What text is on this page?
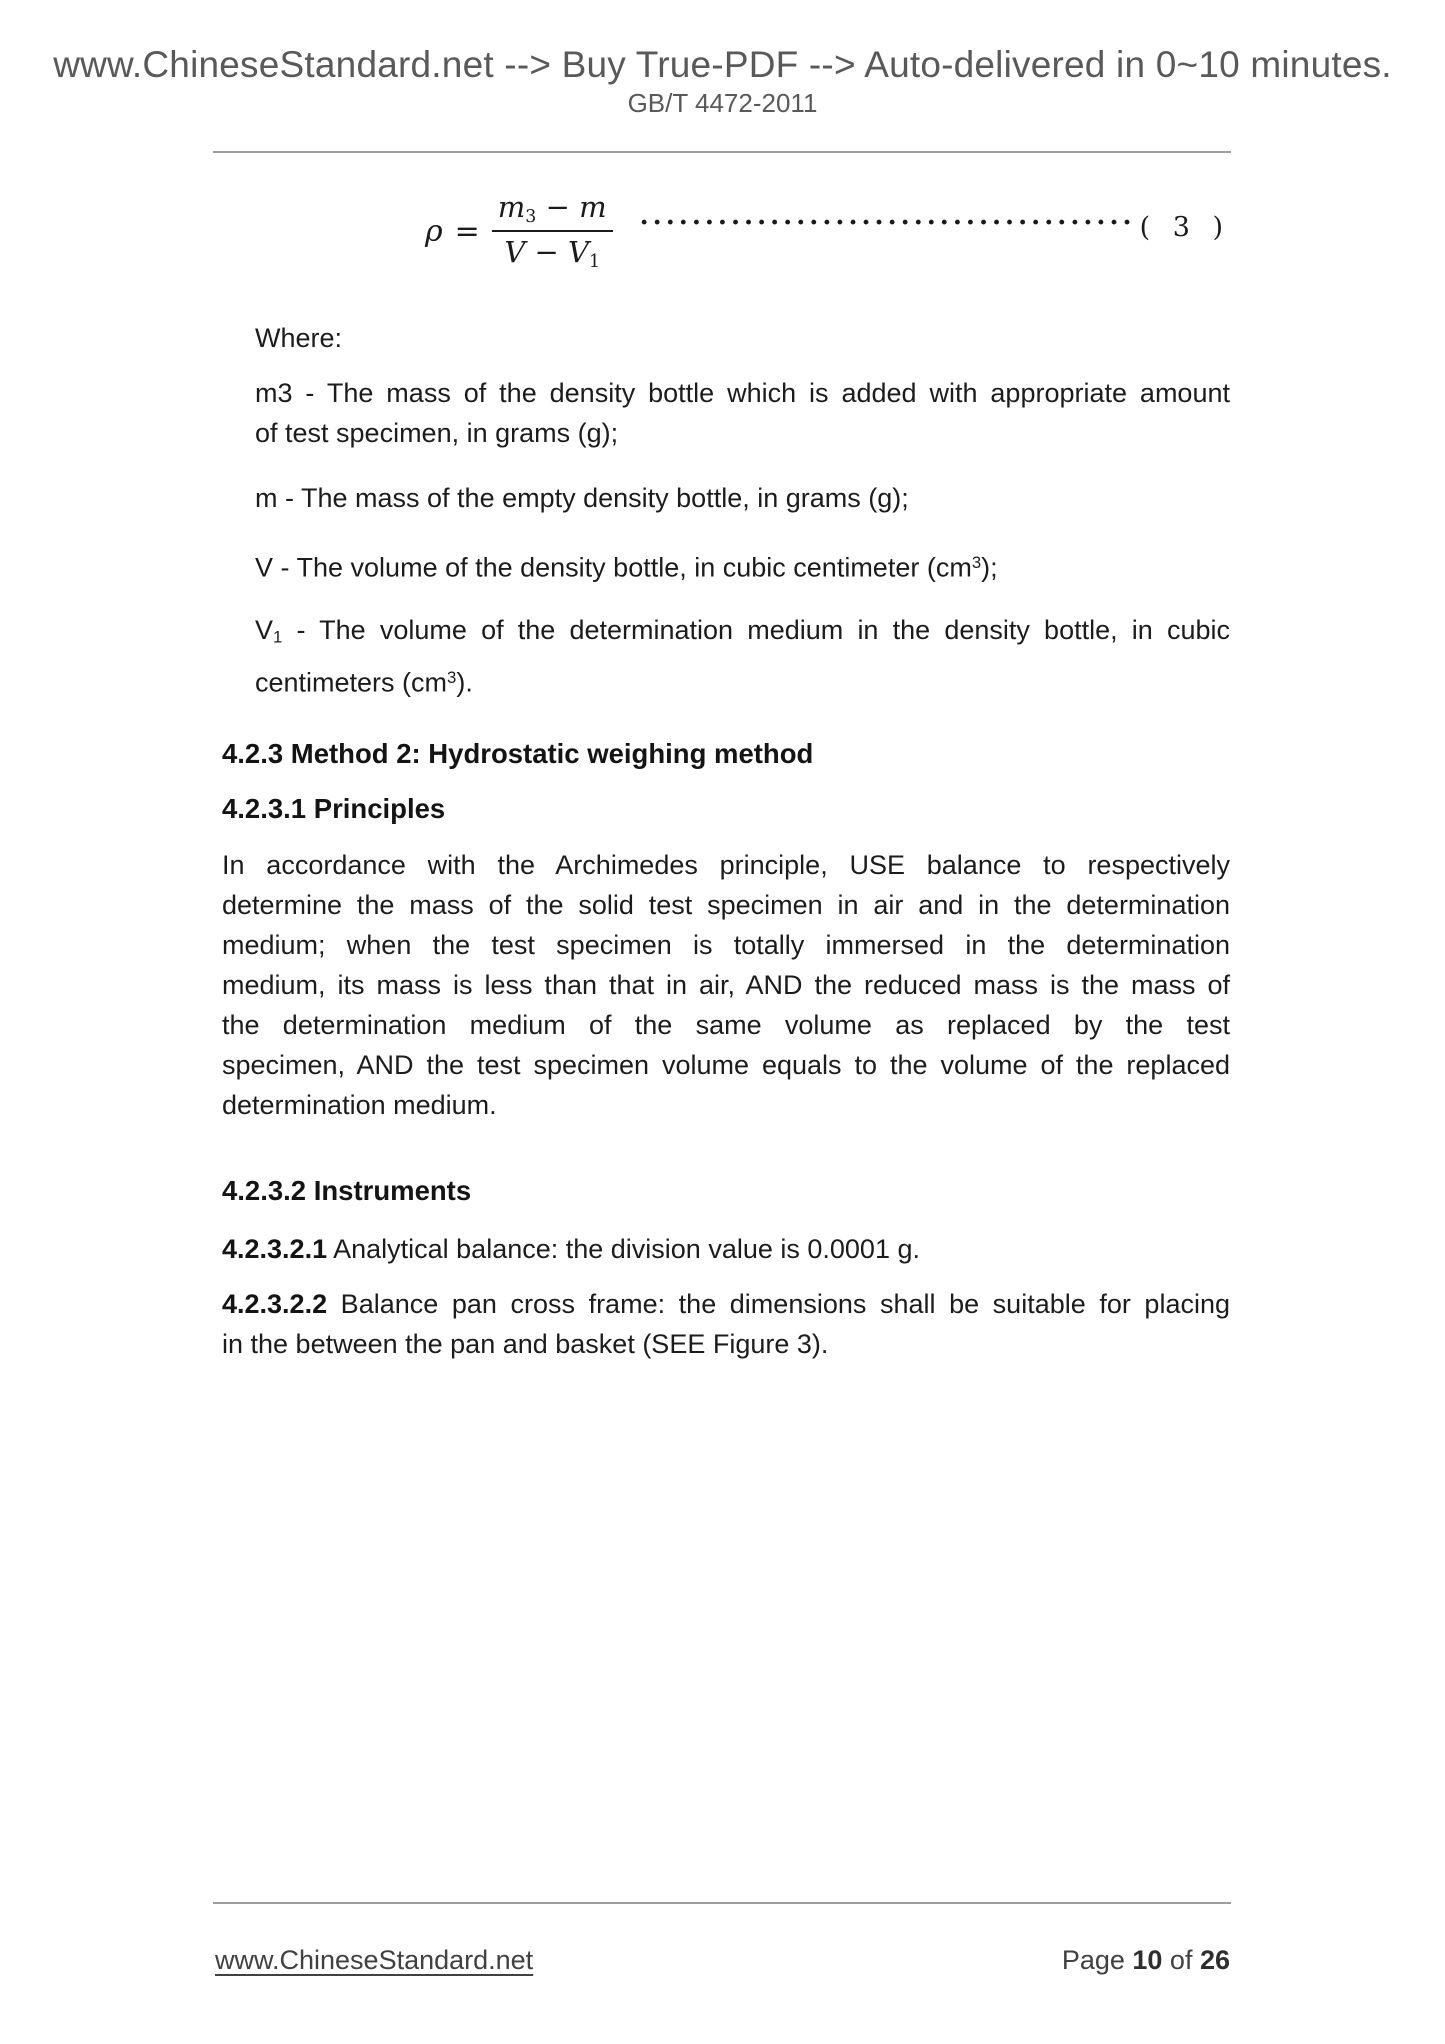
www.ChineseStandard.net --> Buy True-PDF --> Auto-delivered in 0~10 minutes.
GB/T 4472-2011
$\rho = \frac{m_3 - m}{V - V_1}$ ······································ ( 3 )
Where:
m3 - The mass of the density bottle which is added with appropriate amount
of test specimen, in grams (g);
m - The mass of the empty density bottle, in grams (g);
V - The volume of the density bottle, in cubic centimeter $(cm^3)$;
$V_1$ - The volume of the determination medium in the density bottle, in cubic
centimeters $(cm^3)$.
4.2.3 Method 2: Hydrostatic weighing method
4.2.3.1 Principles
In accordance with the Archimedes principle, USE balance to respectively
determine the mass of the solid test specimen in air and in the determination
medium; when the test specimen is totally immersed in the determination
medium, its mass is less than that in air, AND the reduced mass is the mass of
the determination medium of the same volume as replaced by the test
specimen, AND the test specimen volume equals to the volume of the replaced
determination medium.
4.2.3.2 Instruments
4.2.3.2.1 Analytical balance: the division value is 0.0001 g.
4.2.3.2.2 Balance pan cross frame: the dimensions shall be suitable for placing
in the between the pan and basket (SEE Figure 3).
www.ChineseStandard.net	Page 10 of 26
